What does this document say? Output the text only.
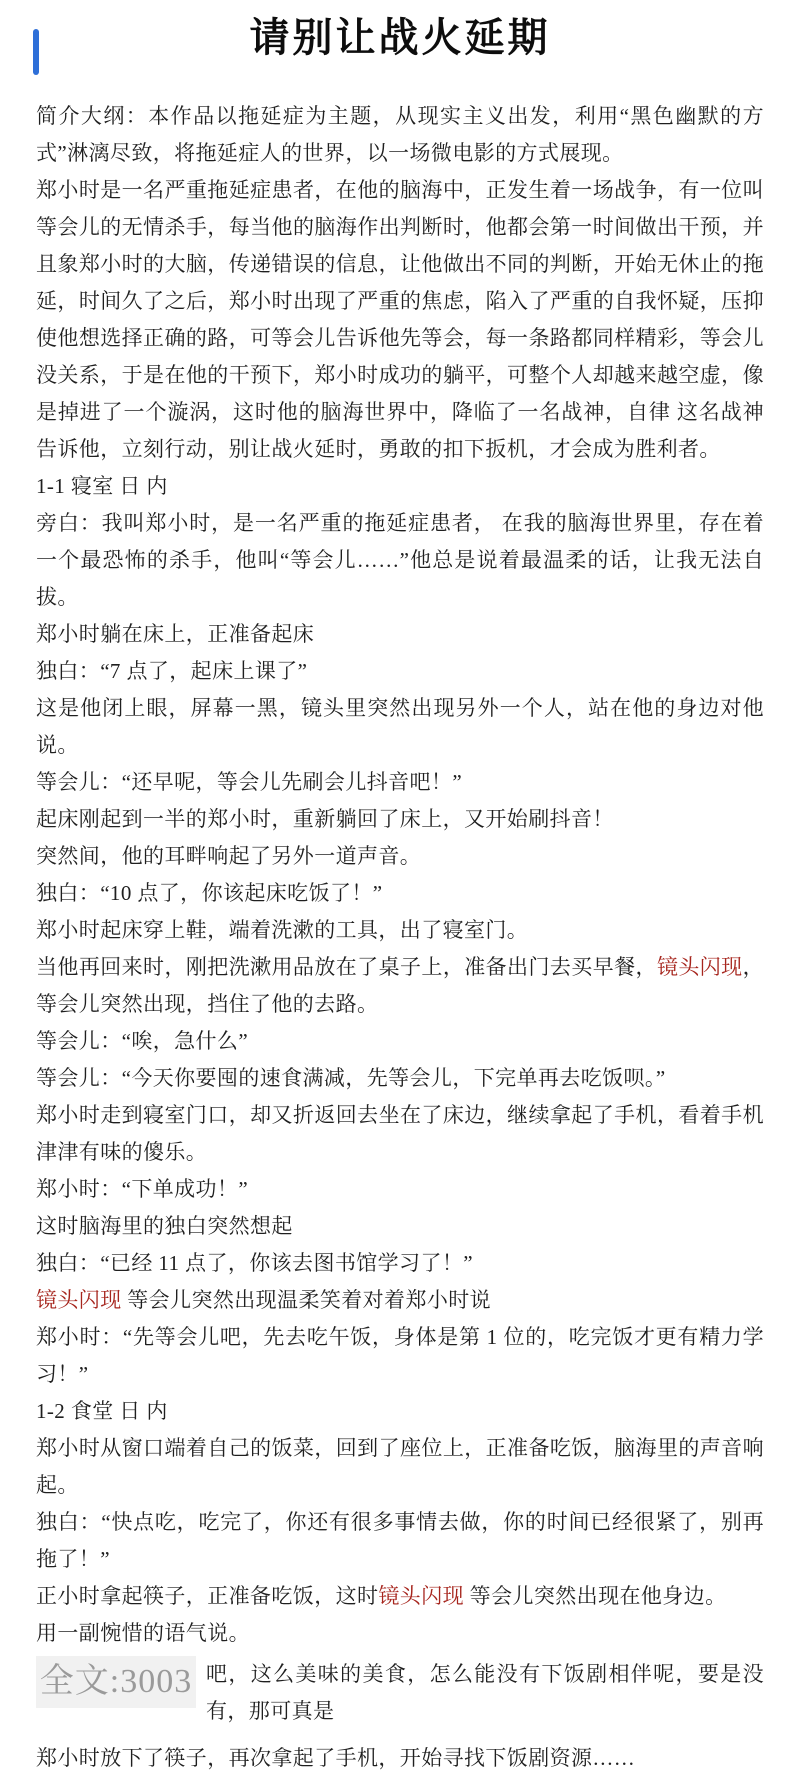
请别让战火延期

简介大纲：本作品以拖延症为主题，从现实主义出发，利用“黑色幽默的方式”淋漓尽致，将拖延症人的世界，以一场微电影的方式展现。

郑小时是一名严重拖延症患者，在他的脑海中，正发生着一场战争，有一位叫等会儿的无情杀手，每当他的脑海作出判断时，他都会第一时间做出干预，并且象郑小时的大脑，传递错误的信息，让他做出不同的判断，开始无休止的拖延，时间久了之后，郑小时出现了严重的焦虑，陷入了严重的自我怀疑，压抑使他想选择正确的路，可等会儿告诉他先等会，每一条路都同样精彩，等会儿没关系，于是在他的干预下，郑小时成功的躺平，可整个人却越来越空虚，像是掉进了一个漩涡，这时他的脑海世界中，降临了一名战神，自律 这名战神告诉他，立刻行动，别让战火延时，勇敢的扣下扳机，才会成为胜利者。

1-1 寝室 日 内

旁白：我叫郑小时，是一名严重的拖延症患者， 在我的脑海世界里，存在着一个最恐怖的杀手，他叫“等会儿……”他总是说着最温柔的话，让我无法自拔。

郑小时躺在床上，正准备起床

独白：“7 点了，起床上课了”

这是他闭上眼，屏幕一黑，镜头里突然出现另外一个人，站在他的身边对他说。

等会儿：“还早呢，等会儿先刷会儿抖音吧！”

起床刚起到一半的郑小时，重新躺回了床上，又开始刷抖音！

突然间，他的耳畔响起了另外一道声音。

独白：“10 点了，你该起床吃饭了！”

郑小时起床穿上鞋，端着洗漱的工具，出了寝室门。

当他再回来时，刚把洗漱用品放在了桌子上，准备出门去买早餐，镜头闪现，等会儿突然出现，挡住了他的去路。

等会儿：“唉，急什么”

等会儿：“今天你要囤的速食满减，先等会儿，下完单再去吃饭呗。”

郑小时走到寝室门口，却又折返回去坐在了床边，继续拿起了手机，看着手机津津有味的傻乐。

郑小时：“下单成功！”

这时脑海里的独白突然想起

独白：“已经 11 点了，你该去图书馆学习了！”

镜头闪现 等会儿突然出现温柔笑着对着郑小时说

郑小时：“先等会儿吧，先去吃午饭，身体是第 1 位的，吃完饭才更有精力学习！”

1-2 食堂 日 内

郑小时从窗口端着自己的饭菜，回到了座位上，正准备吃饭，脑海里的声音响起。

独白：“快点吃，吃完了，你还有很多事情去做，你的时间已经很紧了，别再拖了！”

正小时拿起筷子，正准备吃饭，这时镜头闪现 等会儿突然出现在他身边。

用一副惋惜的语气说。

全文:3003 吧，这么美味的美食，怎么能没有下饭剧相伴呢，要是没有，那可真是

郑小时放下了筷子，再次拿起了手机，开始寻找下饭剧资源……
